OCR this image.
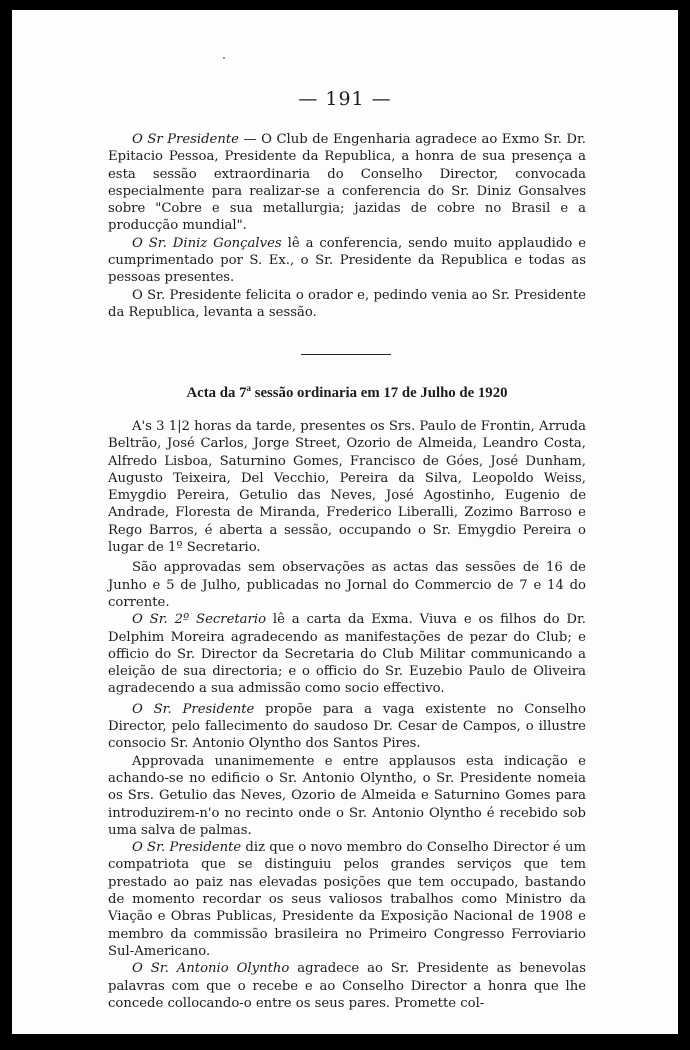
— 191 —

O Sr Presidente — O Club de Engenharia agradece ao Exmo Sr. Dr. Epitacio Pessoa, Presidente da Republica, a honra de sua presença a esta sessão extraordinaria do Conselho Director, convocada especialmente para realizar-se a conferencia do Sr. Diniz Gonsalves sobre "Cobre e sua metallurgia; jazidas de cobre no Brasil e a producção mundial".

O Sr. Diniz Gonçalves lê a conferencia, sendo muito applaudido e cumprimentado por S. Ex., o Sr. Presidente da Republica e todas as pessoas presentes.

O Sr. Presidente felicita o orador e, pedindo venia ao Sr. Presidente da Republica, levanta a sessão.

Acta da 7$^a$ sessão ordinaria em 17 de Julho de 1920

A's 3 1|2 horas da tarde, presentes os Srs. Paulo de Frontin, Arruda Beltrão, José Carlos, Jorge Street, Ozorio de Almeida, Leandro Costa, Alfredo Lisboa, Saturnino Gomes, Francisco de Góes, José Dunham, Augusto Teixeira, Del Vecchio, Pereira da Silva, Leopoldo Weiss, Emygdio Pereira, Getulio das Neves, José Agostinho, Eugenio de Andrade, Floresta de Miranda, Frederico Liberalli, Zozimo Barroso e Rego Barros, é aberta a sessão, occupando o Sr. Emygdio Pereira o lugar de 1º Secretario.

São approvadas sem observações as actas das sessões de 16 de Junho e 5 de Julho, publicadas no Jornal do Commercio de 7 e 14 do corrente.

O Sr. 2º Secretario lê a carta da Exma. Viuva e os filhos do Dr. Delphim Moreira agradecendo as manifestações de pezar do Club; e officio do Sr. Director da Secretaria do Club Militar communicando a eleição de sua directoria; e o officio do Sr. Euzebio Paulo de Oliveira agradecendo a sua admissão como socio effectivo.

O Sr. Presidente propõe para a vaga existente no Conselho Director, pelo fallecimento do saudoso Dr. Cesar de Campos, o illustre consocio Sr. Antonio Olyntho dos Santos Pires.

Approvada unanimemente e entre applausos esta indicação e achando-se no edificio o Sr. Antonio Olyntho, o Sr. Presidente nomeia os Srs. Getulio das Neves, Ozorio de Almeida e Saturnino Gomes para introduzirem-n'o no recinto onde o Sr. Antonio Olyntho é recebido sob uma salva de palmas.

O Sr. Presidente diz que o novo membro do Conselho Director é um compatriota que se distinguiu pelos grandes serviços que tem prestado ao paiz nas elevadas posições que tem occupado, bastando de momento recordar os seus valiosos trabalhos como Ministro da Viação e Obras Publicas, Presidente da Exposição Nacional de 1908 e membro da commissão brasileira no Primeiro Congresso Ferroviario Sul-Americano.

O Sr. Antonio Olyntho agradece ao Sr. Presidente as benevolas palavras com que o recebe e ao Conselho Director a honra que lhe concede collocando-o entre os seus pares. Promette col-
